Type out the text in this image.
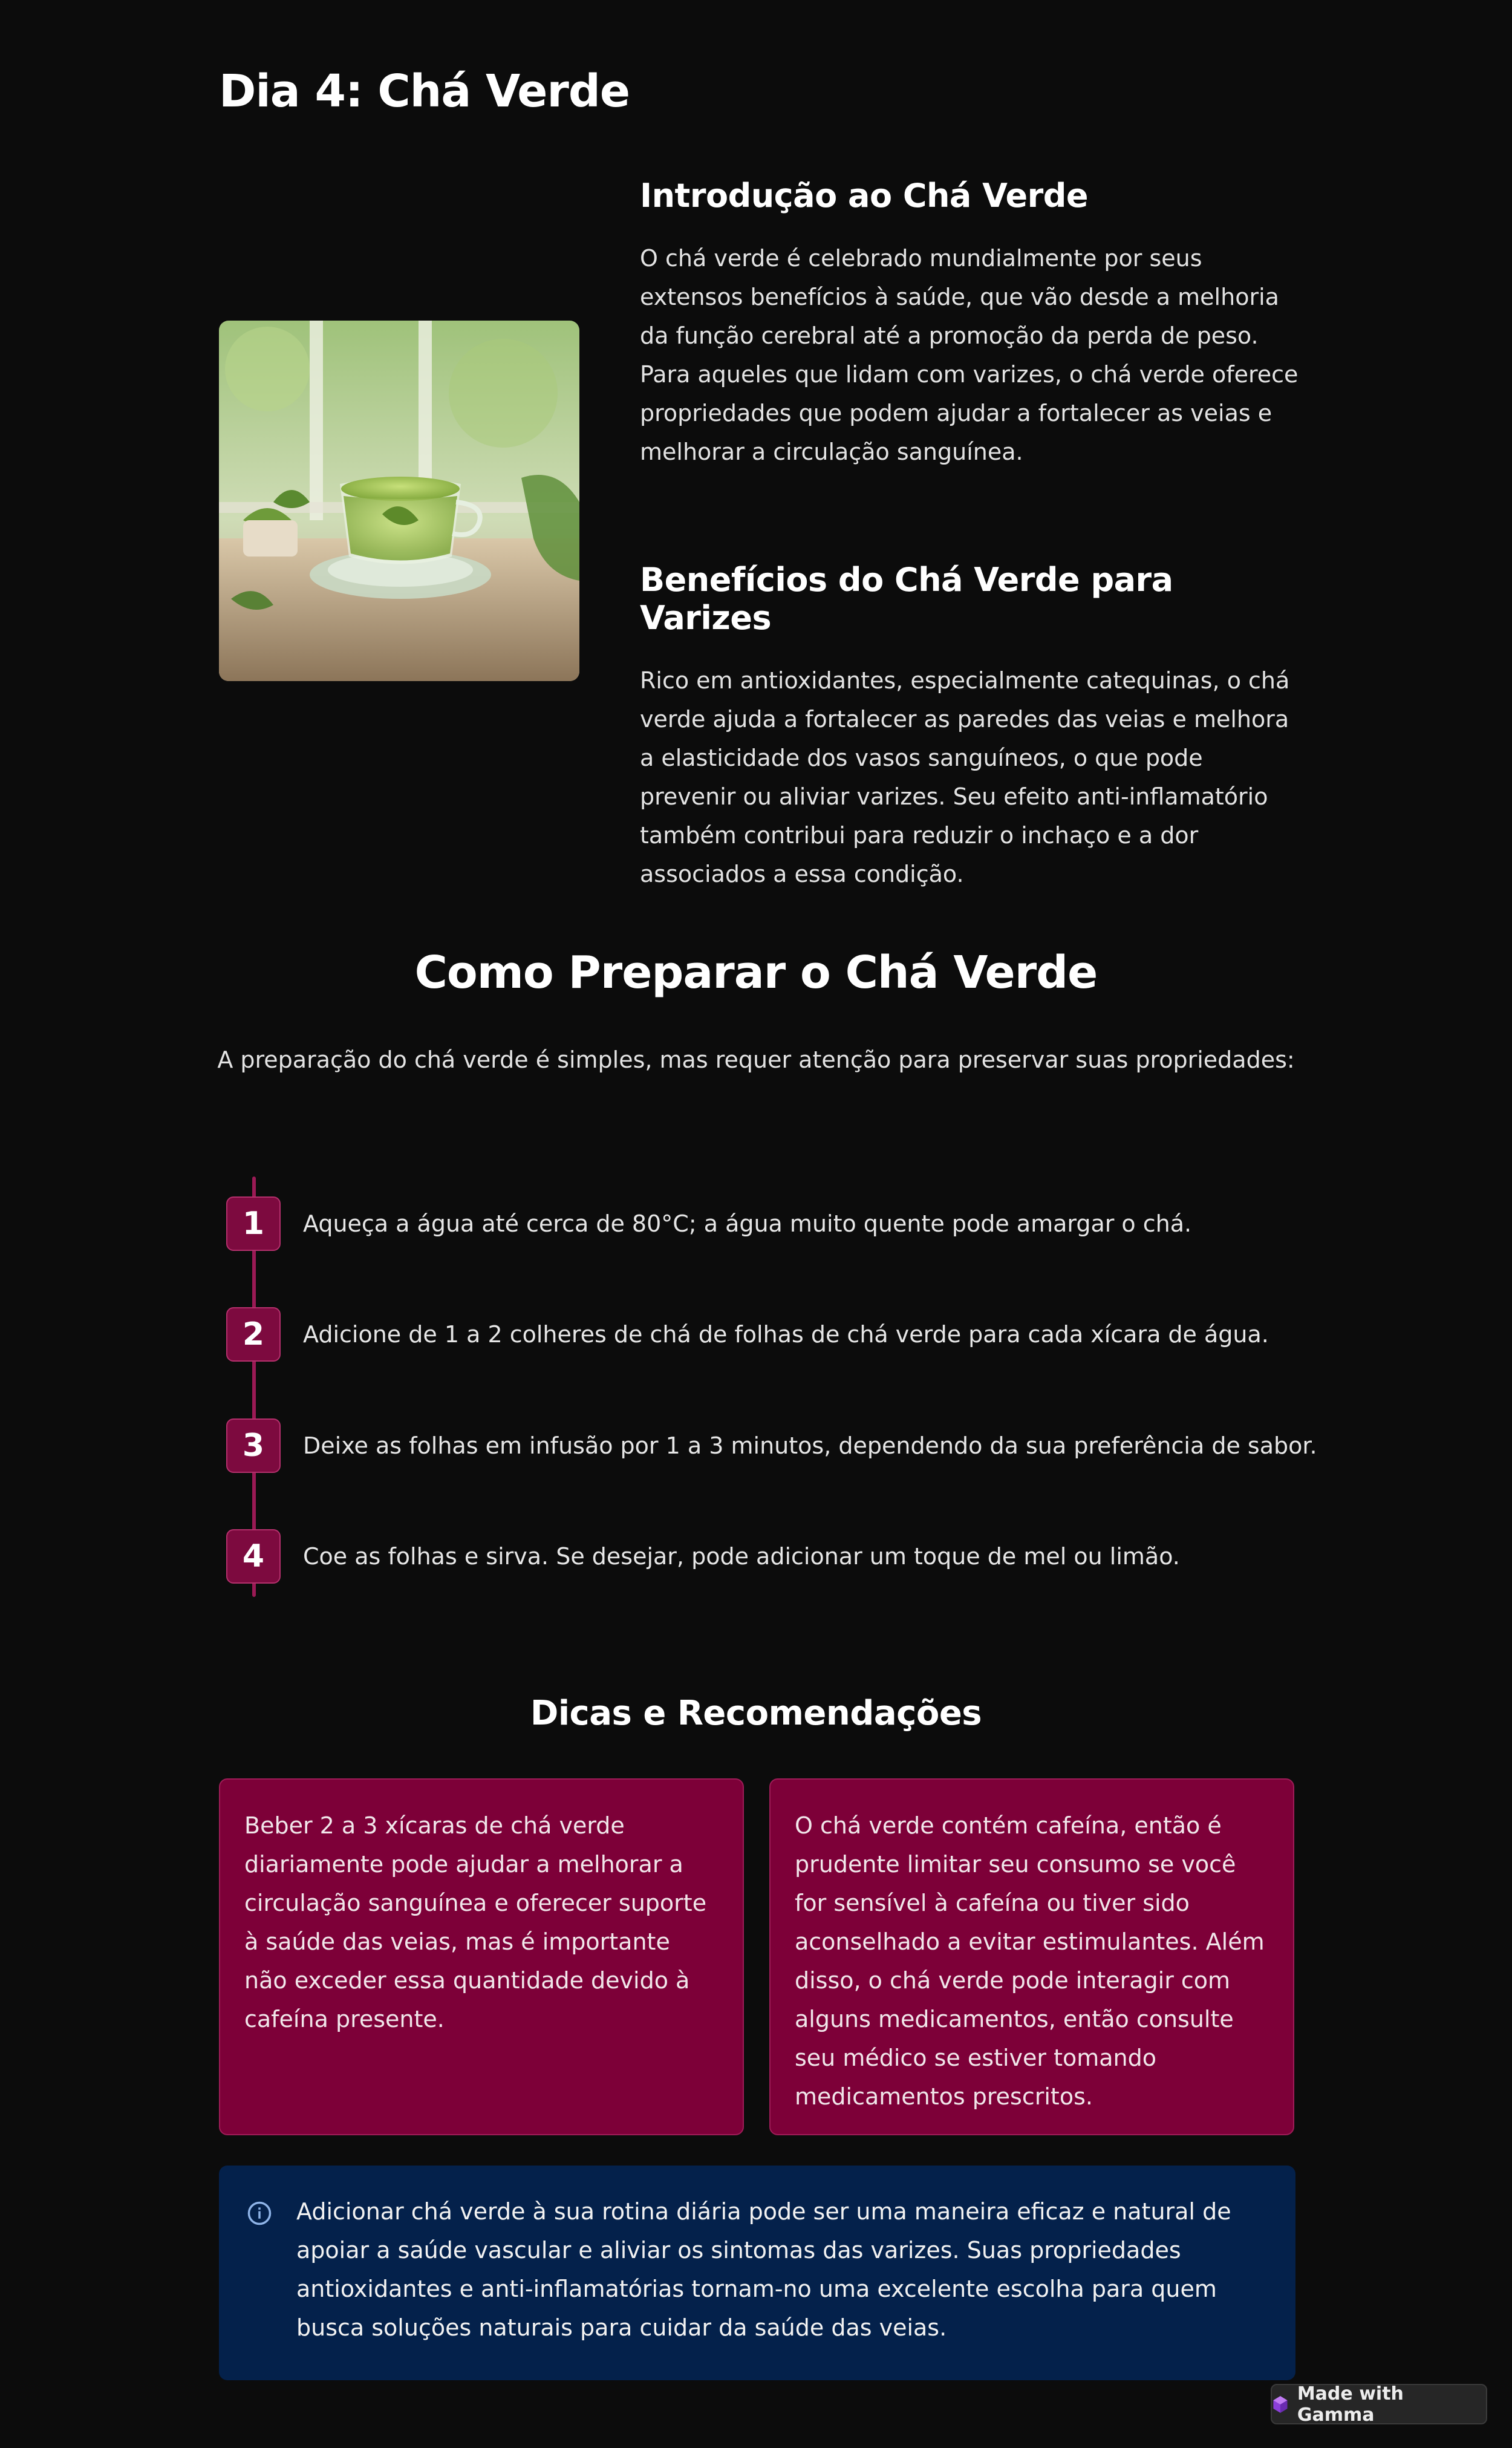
Dia 4: Chá Verde
Introdução ao Chá Verde

O chá verde é celebrado mundialmente por seus extensos benefícios à saúde, que vão desde a melhoria da função cerebral até a promoção da perda de peso. Para aqueles que lidam com varizes, o chá verde oferece propriedades que podem ajudar a fortalecer as veias e melhorar a circulação sanguínea.

Benefícios do Chá Verde para Varizes

Rico em antioxidantes, especialmente catequinas, o chá verde ajuda a fortalecer as paredes das veias e melhora a elasticidade dos vasos sanguíneos, o que pode prevenir ou aliviar varizes. Seu efeito anti-inflamatório também contribui para reduzir o inchaço e a dor associados a essa condição.

Como Preparar o Chá Verde

A preparação do chá verde é simples, mas requer atenção para preservar suas propriedades:

1	Aqueça a água até cerca de 80°C; a água muito quente pode amargar o chá.
2	Adicione de 1 a 2 colheres de chá de folhas de chá verde para cada xícara de água.
3	Deixe as folhas em infusão por 1 a 3 minutos, dependendo da sua preferência de sabor.
4	Coe as folhas e sirva. Se desejar, pode adicionar um toque de mel ou limão.
Dicas e Recomendações

Beber 2 a 3 xícaras de chá verde diariamente pode ajudar a melhorar a circulação sanguínea e oferecer suporte à saúde das veias, mas é importante não exceder essa quantidade devido à cafeína presente.

O chá verde contém cafeína, então é prudente limitar seu consumo se você for sensível à cafeína ou tiver sido aconselhado a evitar estimulantes. Além disso, o chá verde pode interagir com alguns medicamentos, então consulte seu médico se estiver tomando medicamentos prescritos.

Adicionar chá verde à sua rotina diária pode ser uma maneira eficaz e natural de apoiar a saúde vascular e aliviar os sintomas das varizes. Suas propriedades antioxidantes e anti-inflamatórias tornam-no uma excelente escolha para quem busca soluções naturais para cuidar da saúde das veias.

Made with Gamma
